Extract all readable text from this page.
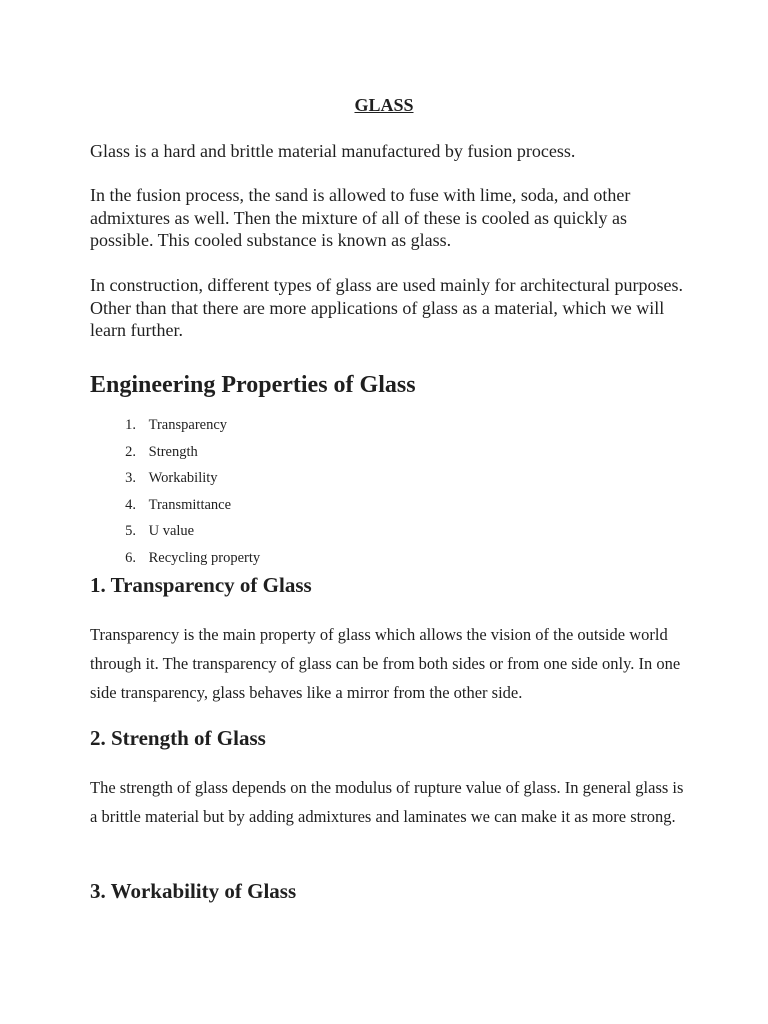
GLASS

Glass is a hard and brittle material manufactured by fusion process.

In the fusion process, the sand is allowed to fuse with lime, soda, and other admixtures as well. Then the mixture of all of these is cooled as quickly as possible. This cooled substance is known as glass.

In construction, different types of glass are used mainly for architectural purposes. Other than that there are more applications of glass as a material, which we will learn further.

Engineering Properties of Glass
1. Transparency
2. Strength
3. Workability
4. Transmittance
5. U value
6. Recycling property
1. Transparency of Glass

Transparency is the main property of glass which allows the vision of the outside world through it. The transparency of glass can be from both sides or from one side only. In one side transparency, glass behaves like a mirror from the other side.

2. Strength of Glass

The strength of glass depends on the modulus of rupture value of glass. In general glass is a brittle material but by adding admixtures and laminates we can make it as more strong.

3. Workability of Glass
